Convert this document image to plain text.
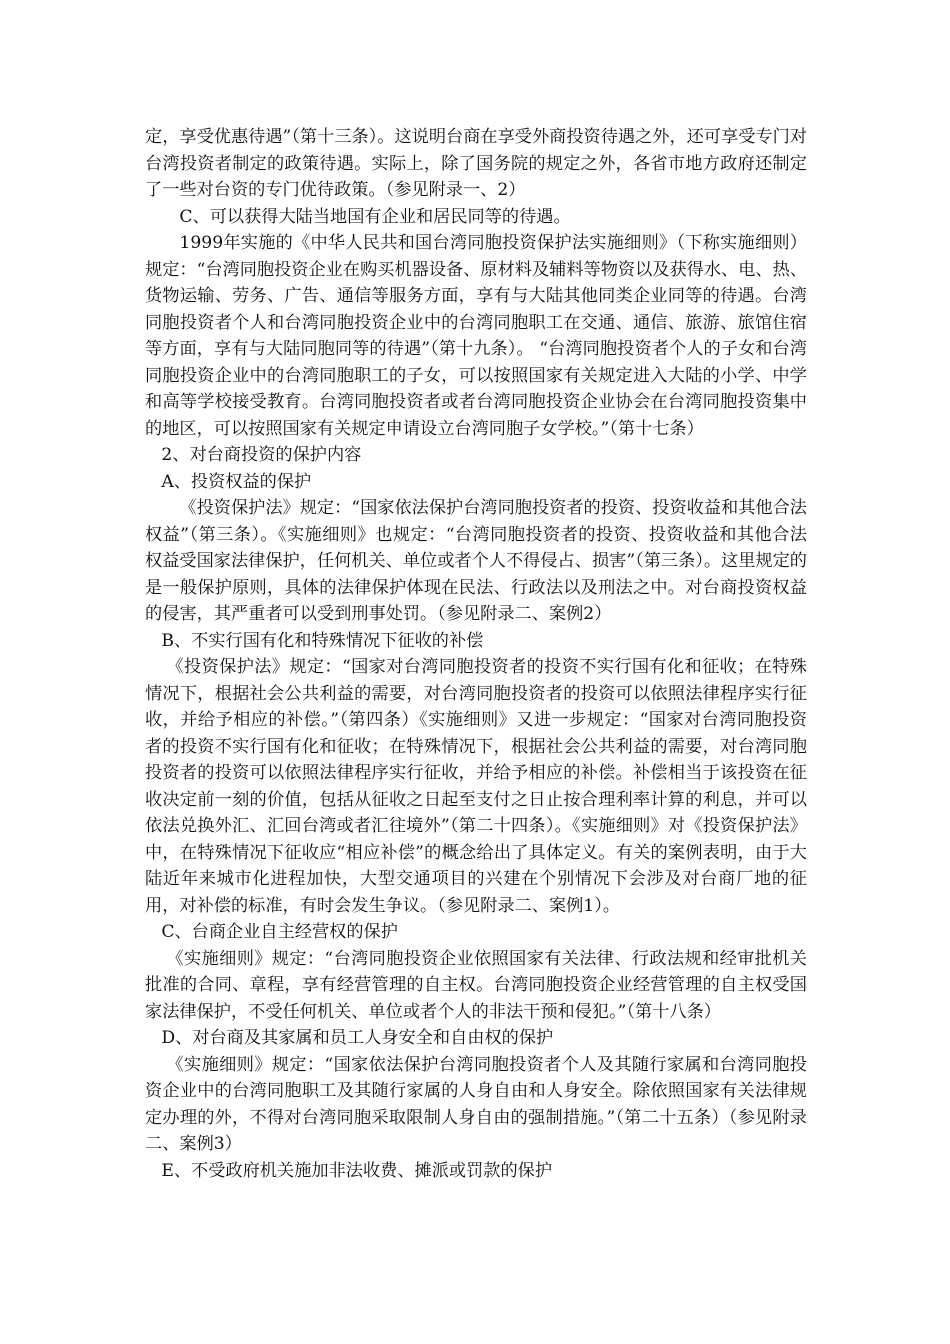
定，享受优惠待遇”（第十三条）。这说明台商在享受外商投资待遇之外，还可享受专门对台湾投资者制定的政策待遇。实际上，除了国务院的规定之外，各省市地方政府还制定了一些对台资的专门优待政策。（参见附录一、2）

C、可以获得大陆当地国有企业和居民同等的待遇。

1999年实施的《中华人民共和国台湾同胞投资保护法实施细则》（下称实施细则）规定：“台湾同胞投资企业在购买机器设备、原材料及辅料等物资以及获得水、电、热、货物运输、劳务、广告、通信等服务方面，享有与大陆其他同类企业同等的待遇。台湾同胞投资者个人和台湾同胞投资企业中的台湾同胞职工在交通、通信、旅游、旅馆住宿等方面，享有与大陆同胞同等的待遇”（第十九条）。 “台湾同胞投资者个人的子女和台湾同胞投资企业中的台湾同胞职工的子女，可以按照国家有关规定进入大陆的小学、中学和高等学校接受教育。台湾同胞投资者或者台湾同胞投资企业协会在台湾同胞投资集中的地区，可以按照国家有关规定申请设立台湾同胞子女学校。”（第十七条）

2、对台商投资的保护内容

A、投资权益的保护

《投资保护法》规定：“国家依法保护台湾同胞投资者的投资、投资收益和其他合法权益”（第三条）。《实施细则》也规定：“台湾同胞投资者的投资、投资收益和其他合法权益受国家法律保护，任何机关、单位或者个人不得侵占、损害”（第三条）。这里规定的是一般保护原则，具体的法律保护体现在民法、行政法以及刑法之中。对台商投资权益的侵害，其严重者可以受到刑事处罚。（参见附录二、案例2）

B、不实行国有化和特殊情况下征收的补偿

《投资保护法》规定：“国家对台湾同胞投资者的投资不实行国有化和征收；在特殊情况下，根据社会公共利益的需要，对台湾同胞投资者的投资可以依照法律程序实行征收，并给予相应的补偿。”（第四条）《实施细则》又进一步规定：“国家对台湾同胞投资者的投资不实行国有化和征收；在特殊情况下，根据社会公共利益的需要，对台湾同胞投资者的投资可以依照法律程序实行征收，并给予相应的补偿。补偿相当于该投资在征收决定前一刻的价值，包括从征收之日起至支付之日止按合理利率计算的利息，并可以依法兑换外汇、汇回台湾或者汇往境外”（第二十四条）。《实施细则》对《投资保护法》中，在特殊情况下征收应“相应补偿”的概念给出了具体定义。有关的案例表明，由于大陆近年来城市化进程加快，大型交通项目的兴建在个别情况下会涉及对台商厂地的征用，对补偿的标准，有时会发生争议。（参见附录二、案例1）。

C、台商企业自主经营权的保护

《实施细则》规定：“台湾同胞投资企业依照国家有关法律、行政法规和经审批机关批准的合同、章程，享有经营管理的自主权。台湾同胞投资企业经营管理的自主权受国家法律保护，不受任何机关、单位或者个人的非法干预和侵犯。”（第十八条）

D、对台商及其家属和员工人身安全和自由权的保护

《实施细则》规定：“国家依法保护台湾同胞投资者个人及其随行家属和台湾同胞投资企业中的台湾同胞职工及其随行家属的人身自由和人身安全。除依照国家有关法律规定办理的外，不得对台湾同胞采取限制人身自由的强制措施。”（第二十五条）（参见附录二、案例3）

E、不受政府机关施加非法收费、摊派或罚款的保护
